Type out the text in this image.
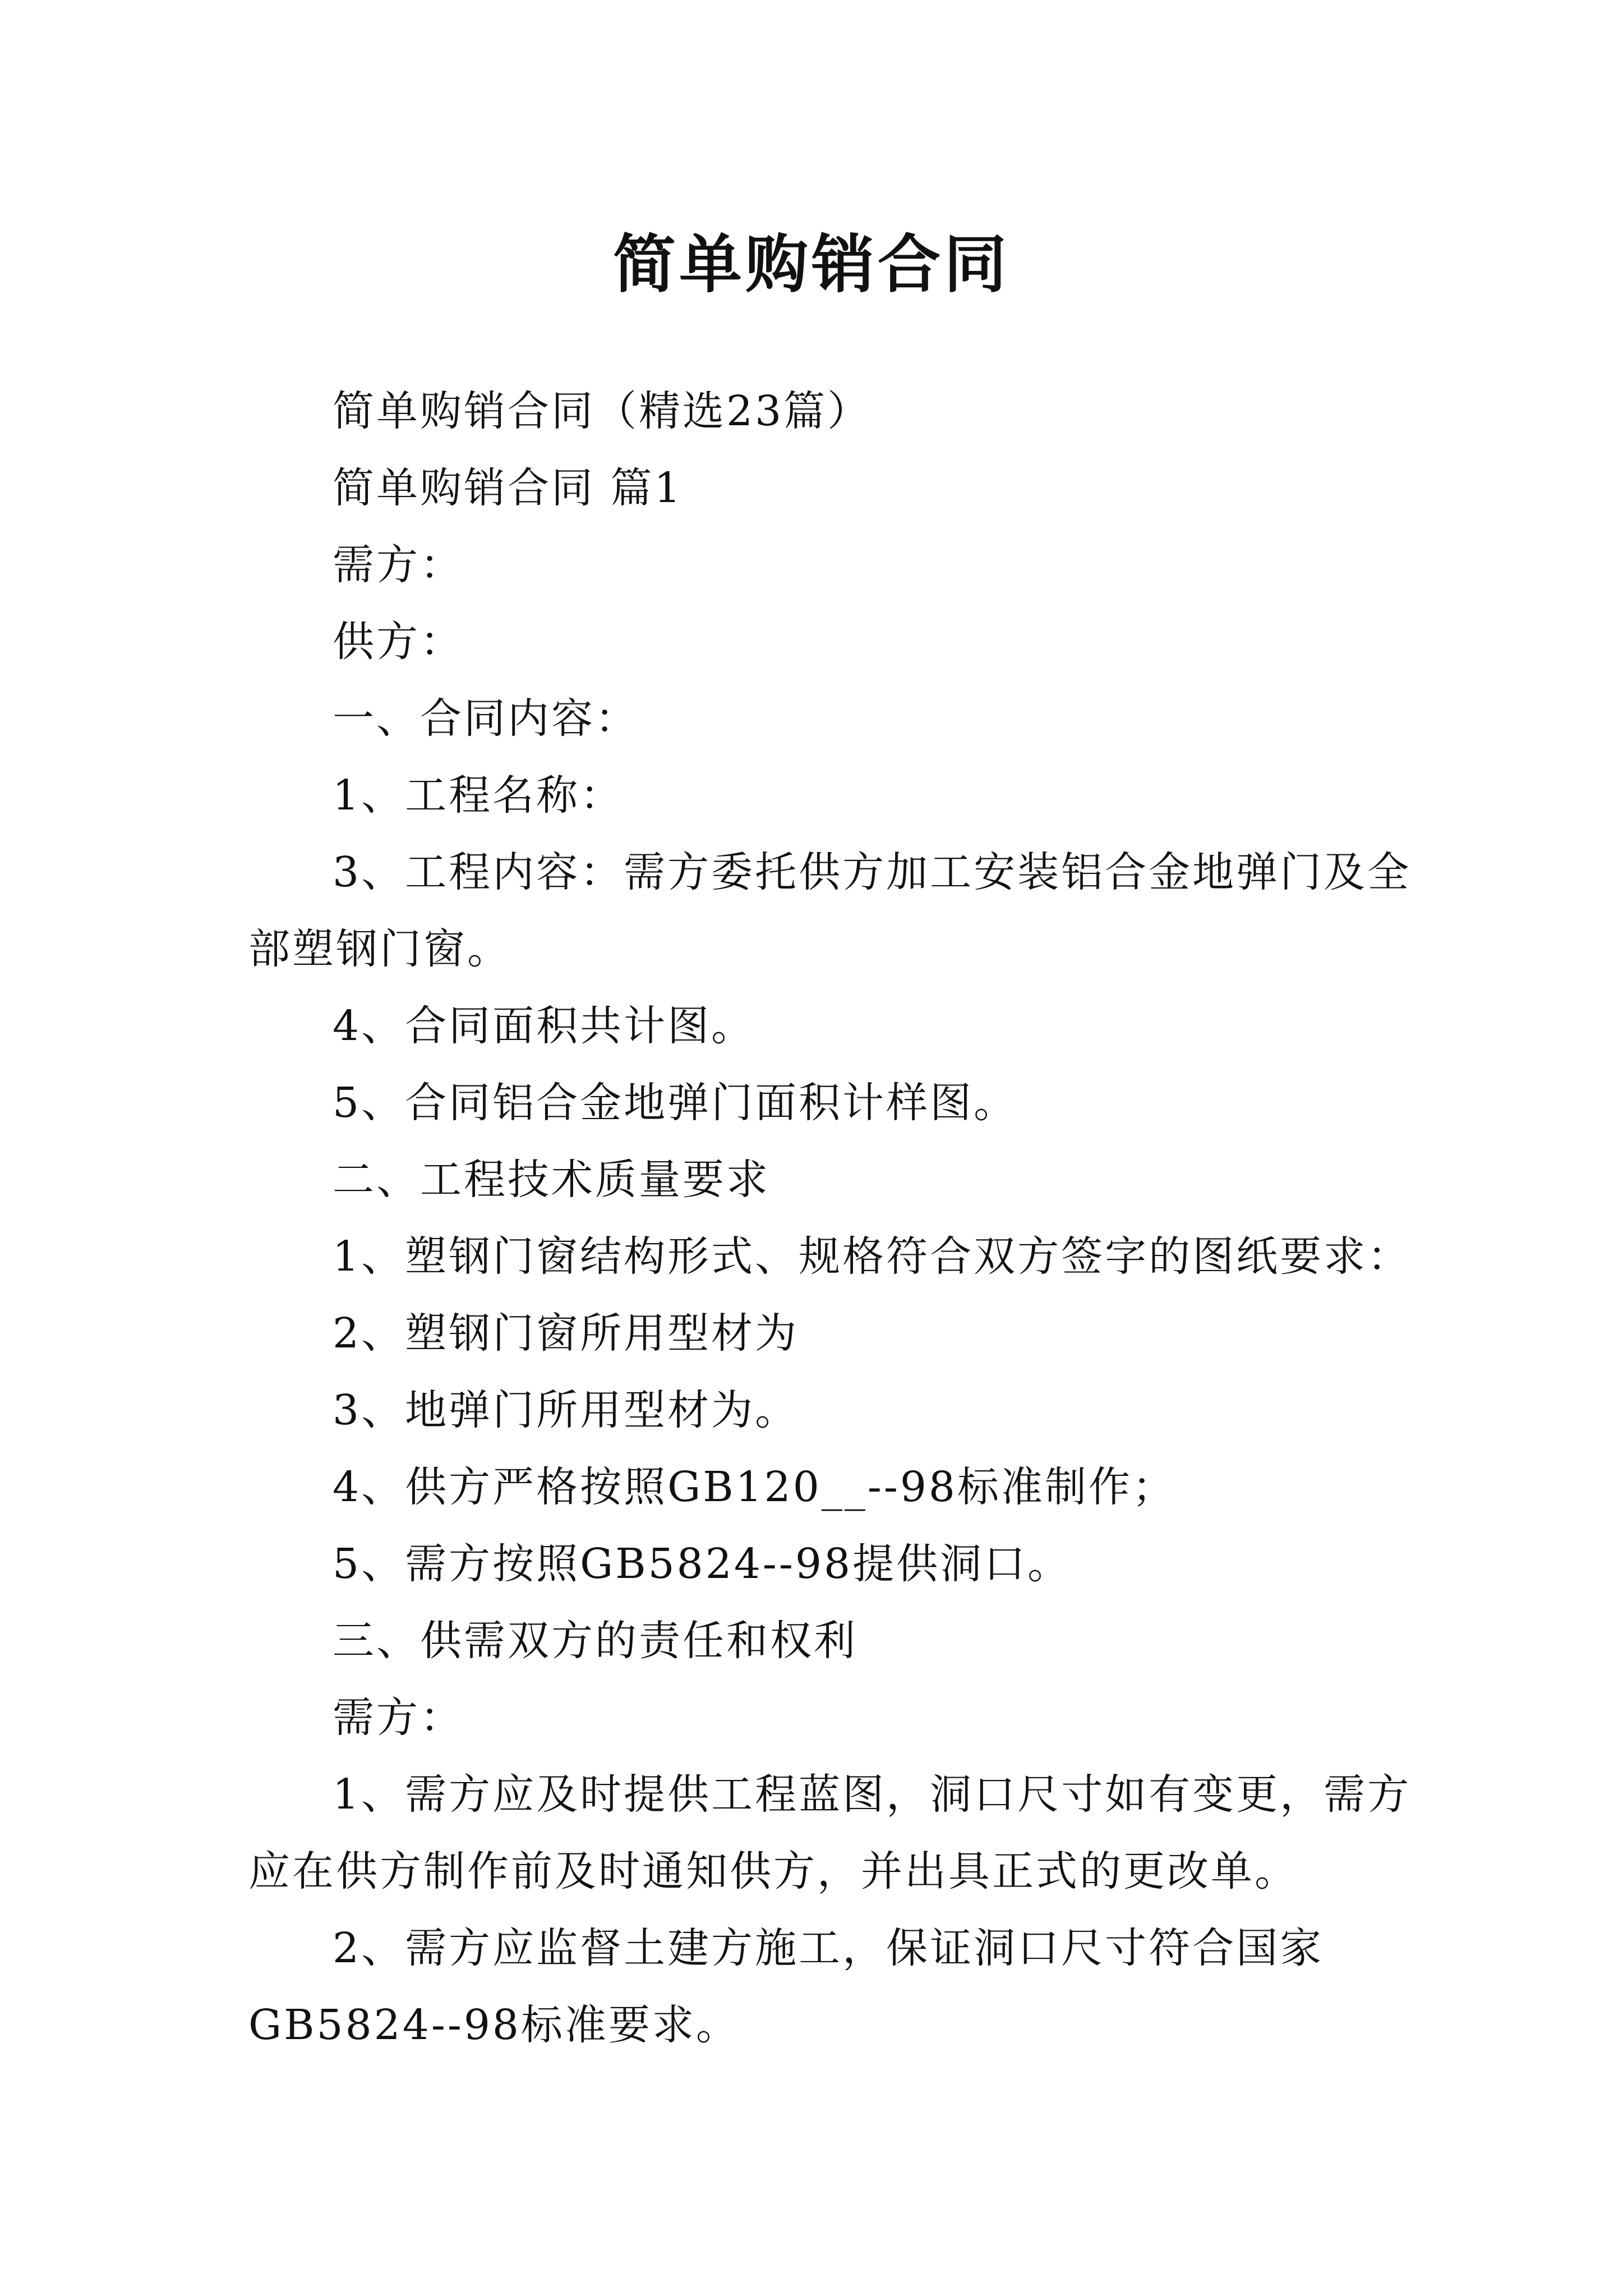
简单购销合同

简单购销合同（精选23篇）

简单购销合同 篇1

需方：

供方：

一、合同内容：

1、工程名称：

3、工程内容：需方委托供方加工安装铝合金地弹门及全部塑钢门窗。

4、合同面积共计图。

5、合同铝合金地弹门面积计样图。

二、工程技术质量要求

1、塑钢门窗结构形式、规格符合双方签字的图纸要求：

2、塑钢门窗所用型材为

3、地弹门所用型材为。

4、供方严格按照GB120__--98标准制作；

5、需方按照GB5824--98提供洞口。

三、供需双方的责任和权利

需方：

1、需方应及时提供工程蓝图，洞口尺寸如有变更，需方应在供方制作前及时通知供方，并出具正式的更改单。

2、需方应监督土建方施工，保证洞口尺寸符合国家GB5824--98标准要求。
